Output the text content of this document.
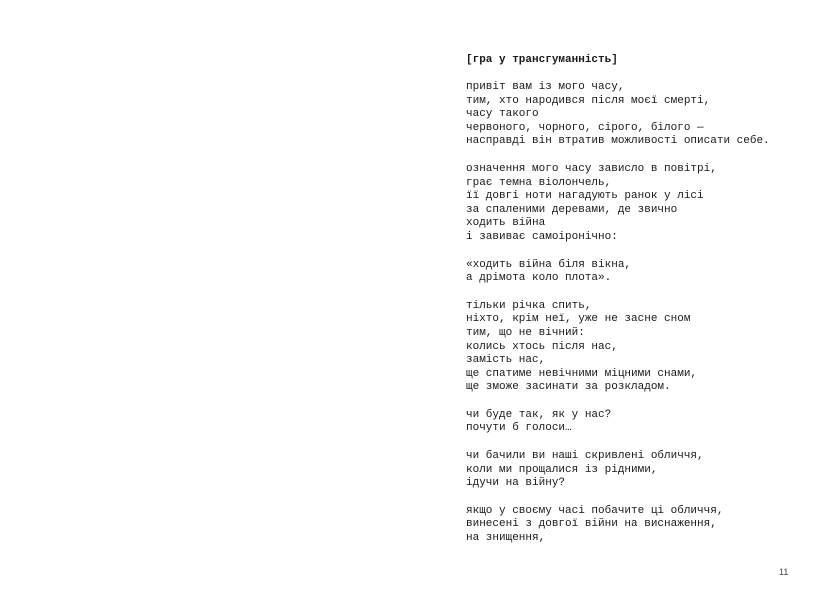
[гра у трансгуманність]
привіт вам із мого часу,
тим, хто народився після моєї смерті,
часу такого
червоного, чорного, сірого, білого —
насправді він втратив можливості описати себе.
означення мого часу зависло в повітрі,
грає темна віолончель,
її довгі ноти нагадують ранок у лісі
за спаленими деревами, де звично
ходить війна
і завиває самоіронічно:
«ходить війна біля вікна,
а дрімота коло плота».
тільки річка спить,
ніхто, крім неї, уже не засне сном
тим, що не вічний:
колись хтось після нас,
замість нас,
ще спатиме невічними міцними снами,
ще зможе засинати за розкладом.
чи буде так, як у нас?
почути б голоси…
чи бачили ви наші скривлені обличчя,
коли ми прощалися із рідними,
ідучи на війну?
якщо у своєму часі побачите ці обличчя,
винесені з довгої війни на виснаження,
на знищення,
11
